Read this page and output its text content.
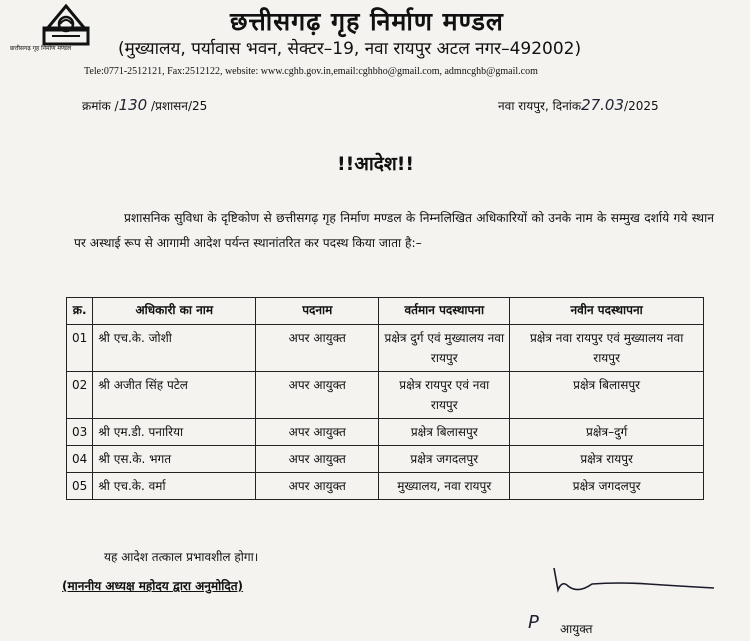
छत्तीसगढ़ गृह निर्माण मण्डल
छत्तीसगढ़ गृह निर्माण मण्डल
(मुख्यालय, पर्यावास भवन, सेक्टर–19, नवा रायपुर अटल नगर–492002)
Tele:0771-2512121, Fax:2512122, website: www.cghb.gov.in,email:cghbho@gmail.com, admncghb@gmail.com
क्रमांक /130 /प्रशासन/25	नवा रायपुर, दिनांक27.03/2025
!!आदेश!!
प्रशासनिक सुविधा के दृष्टिकोण से छत्तीसगढ़ गृह निर्माण मण्डल के निम्नलिखित अधिकारियों को उनके नाम के सम्मुख दर्शाये गये स्थान पर अस्थाई रूप से आगामी आदेश पर्यन्त स्थानांतरित कर पदस्थ किया जाता है:–
क्र.	अधिकारी का नाम	पदनाम	वर्तमान पदस्थापना	नवीन पदस्थापना
01	श्री एच.के. जोशी	अपर आयुक्त	प्रक्षेत्र दुर्ग एवं मुख्यालय नवा रायपुर	प्रक्षेत्र नवा रायपुर एवं मुख्यालय नवा रायपुर
02	श्री अजीत सिंह पटेल	अपर आयुक्त	प्रक्षेत्र रायपुर एवं नवा रायपुर	प्रक्षेत्र बिलासपुर
03	श्री एम.डी. पनारिया	अपर आयुक्त	प्रक्षेत्र बिलासपुर	प्रक्षेत्र–दुर्ग
04	श्री एस.के. भगत	अपर आयुक्त	प्रक्षेत्र जगदलपुर	प्रक्षेत्र रायपुर
05	श्री एच.के. वर्मा	अपर आयुक्त	मुख्यालय, नवा रायपुर	प्रक्षेत्र जगदलपुर
यह आदेश तत्काल प्रभावशील होगा।
(माननीय अध्यक्ष महोदय द्वारा अनुमोदित)
P आयुक्त
